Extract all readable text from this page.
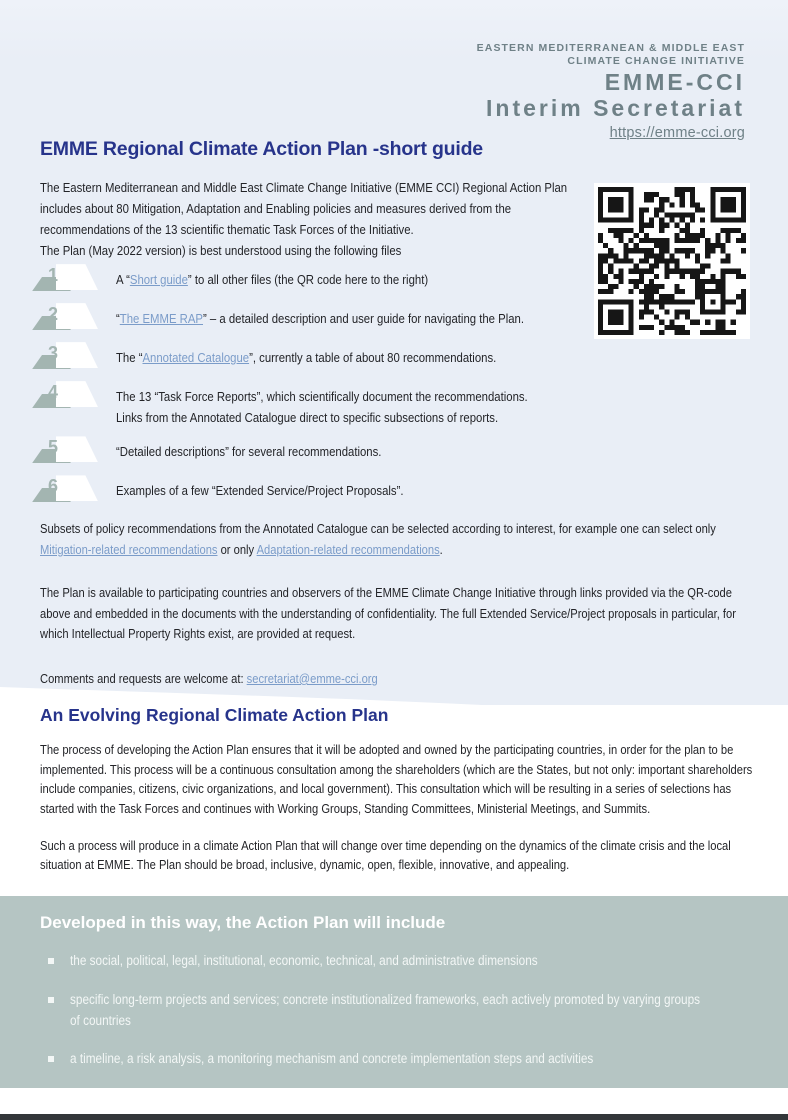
EASTERN MEDITERRANEAN & MIDDLE EAST
CLIMATE CHANGE INITIATIVE
EMME-CCI
Interim Secretariat
https://emme-cci.org
EMME Regional Climate Action Plan -short guide

The Eastern Mediterranean and Middle East Climate Change Initiative (EMME CCI) Regional Action Plan includes about 80 Mitigation, Adaptation and Enabling policies and measures derived from the recommendations of the 13 scientific thematic Task Forces of the Initiative.

The Plan (May 2022 version) is best understood using the following files

1	A “Short guide” to all other files (the QR code here to the right)
2	“The EMME RAP” – a detailed description and user guide for navigating the Plan.
3	The “Annotated Catalogue”, currently a table of about 80 recommendations.
4	The 13 “Task Force Reports”, which scientifically document the recommendations.
Links from the Annotated Catalogue direct to specific subsections of reports.
5	“Detailed descriptions” for several recommendations.
6	Examples of a few “Extended Service/Project Proposals”.

Subsets of policy recommendations from the Annotated Catalogue can be selected according to interest, for example one can select only Mitigation-related recommendations or only Adaptation-related recommendations.

The Plan is available to participating countries and observers of the EMME Climate Change Initiative through links provided via the QR-code above and embedded in the documents with the understanding of confidentiality. The full Extended Service/Project proposals in particular, for which Intellectual Property Rights exist, are provided at request.

Comments and requests are welcome at: secretariat@emme-cci.org

An Evolving Regional Climate Action Plan

The process of developing the Action Plan ensures that it will be adopted and owned by the participating countries, in order for the plan to be implemented. This process will be a continuous consultation among the shareholders (which are the States, but not only: important shareholders include companies, citizens, civic organizations, and local government). This consultation which will be resulting in a series of selections has started with the Task Forces and continues with Working Groups, Standing Committees, Ministerial Meetings, and Summits.

Such a process will produce in a climate Action Plan that will change over time depending on the dynamics of the climate crisis and the local situation at EMME. The Plan should be broad, inclusive, dynamic, open, flexible, innovative, and appealing.

Developed in this way, the Action Plan will include
the social, political, legal, institutional, economic, technical, and administrative dimensions
specific long-term projects and services; concrete institutionalized frameworks, each actively promoted by varying groups of countries
a timeline, a risk analysis, a monitoring mechanism and concrete implementation steps and activities
